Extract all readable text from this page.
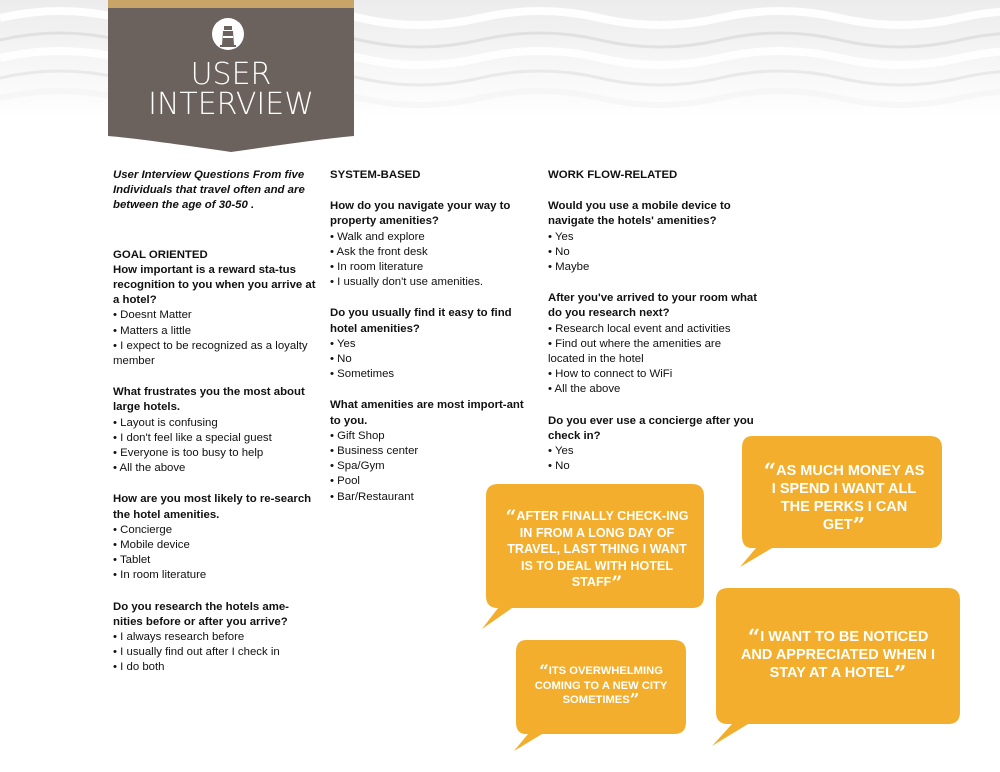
USER
INTERVIEW

User Interview Questions From five Individuals that travel often and are between the age of 30-50 .

GOAL ORIENTED

How important is a reward sta-tus recognition to you when you arrive at a hotel?

• Doesnt Matter
• Matters a little
• I expect to be recognized as a loyalty member

What frustrates you the most about large hotels.

• Layout is confusing
• I don't feel like a special guest
• Everyone is too busy to help
• All the above

How are you most likely to re-search the hotel amenities.

• Concierge
• Mobile device
• Tablet
• In room literature

Do you research the hotels ame-nities before or after you arrive?

• I always research before
• I usually find out after I check in
• I do both

SYSTEM-BASED

How do you navigate your way to property amenities?

• Walk and explore
• Ask the front desk
• In room literature
• I usually don't use amenities.

Do you usually find it easy to find hotel amenities?

• Yes
• No
• Sometimes

What amenities are most import-ant to you.

• Gift Shop
• Business center
• Spa/Gym
• Pool
• Bar/Restaurant

WORK FLOW-RELATED

Would you use a mobile device to navigate the hotels' amenities?

• Yes
• No
• Maybe

After you've arrived to your room what do you research next?

• Research local event and activities
• Find out where the amenities are located in the hotel
• How to connect to WiFi
• All the above

Do you ever use a concierge after you check in?

• Yes
• No	“AS MUCH MONEY AS I SPEND I WANT ALL THE PERKS I CAN GET”
“AFTER FINALLY CHECK-ING IN FROM A LONG DAY OF TRAVEL, LAST THING I WANT IS TO DEAL WITH HOTEL STAFF”
“I WANT TO BE NOTICED AND APPRECIATED WHEN I STAY AT A HOTEL”
“ITS OVERWHELMING COMING TO A NEW CITY SOMETIMES”
